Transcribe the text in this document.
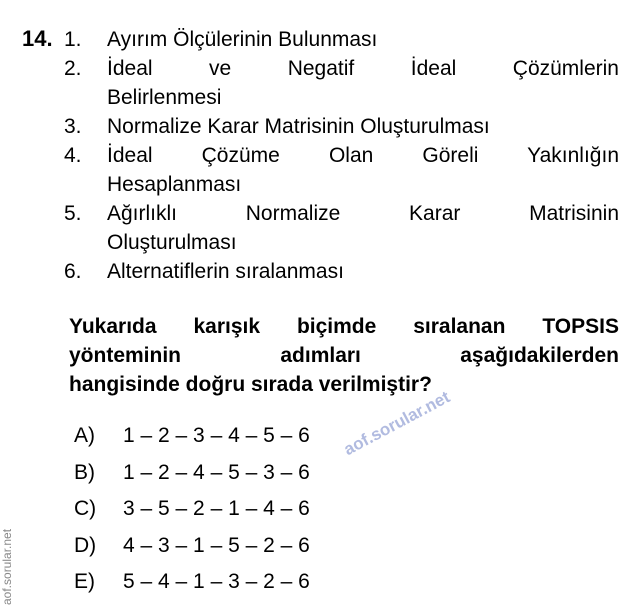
14. 1.	Ayırım Ölçülerinin Bulunması
2.	İdeal ve Negatif İdeal Çözümlerin
Belirlenmesi
3.	Normalize Karar Matrisinin Oluşturulması
4.	İdeal Çözüme Olan Göreli Yakınlığın
Hesaplanması
5.	Ağırlıklı Normalize Karar Matrisinin
Oluşturulması
6.	Alternatiflerin sıralanması
Yukarıda karışık biçimde sıralanan TOPSIS
yönteminin adımları aşağıdakilerden
hangisinde doğru sırada verilmiştir?
A)	1 – 2 – 3 – 4 – 5 – 6
B)	1 – 2 – 4 – 5 – 3 – 6
C)	3 – 5 – 2 – 1 – 4 – 6
D)	4 – 3 – 1 – 5 – 2 – 6
E)	5 – 4 – 1 – 3 – 2 – 6
aof.sorular.net
aof.sorular.net
